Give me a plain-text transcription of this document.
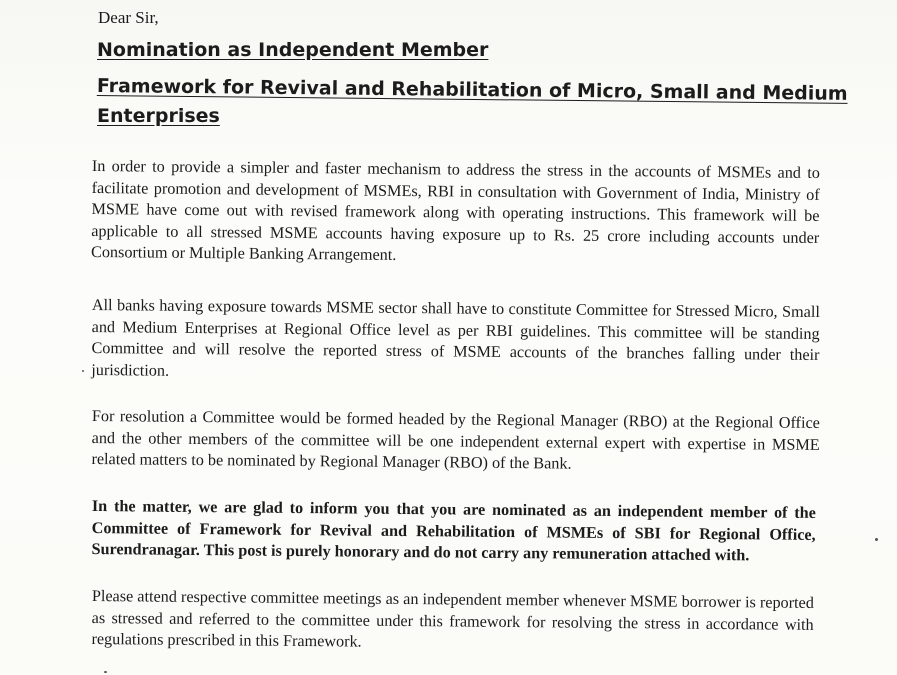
Dear Sir,
Nomination as Independent Member
Framework for Revival and Rehabilitation of Micro, Small and Medium
Enterprises

In order to provide a simpler and faster mechanism to address the stress in the accounts of MSMEs and to facilitate promotion and development of MSMEs, RBI in consultation with Government of India, Ministry of MSME have come out with revised framework along with operating instructions. This framework will be applicable to all stressed MSME accounts having exposure up to Rs. 25 crore including accounts under Consortium or Multiple Banking Arrangement.

All banks having exposure towards MSME sector shall have to constitute Committee for Stressed Micro, Small and Medium Enterprises at Regional Office level as per RBI guidelines. This committee will be standing Committee and will resolve the reported stress of MSME accounts of the branches falling under their jurisdiction.

For resolution a Committee would be formed headed by the Regional Manager (RBO) at the Regional Office and the other members of the committee will be one independent external expert with expertise in MSME related matters to be nominated by Regional Manager (RBO) of the Bank.

In the matter, we are glad to inform you that you are nominated as an independent member of the Committee of Framework for Revival and Rehabilitation of MSMEs of SBI for Regional Office, Surendranagar. This post is purely honorary and do not carry any remuneration attached with.

Please attend respective committee meetings as an independent member whenever MSME borrower is reported as stressed and referred to the committee under this framework for resolving the stress in accordance with regulations prescribed in this Framework.
